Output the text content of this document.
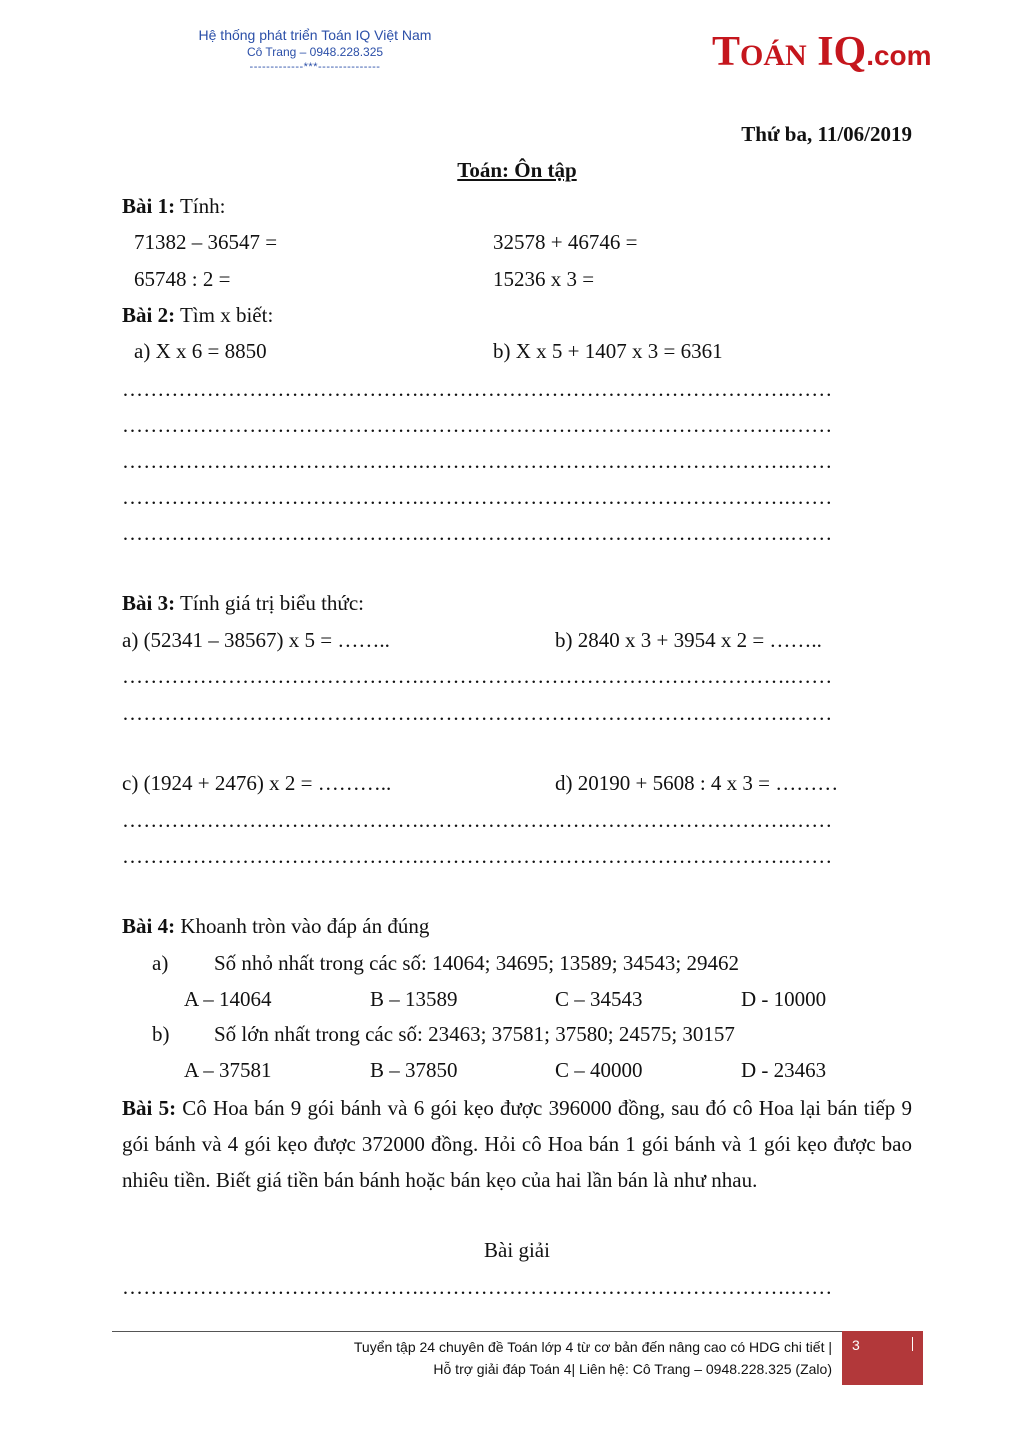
Hệ thống phát triển Toán IQ Việt Nam
Cô Trang – 0948.228.325
-------------***---------------	TOÁN IQ.com
Thứ ba, 11/06/2019
Toán: Ôn tập
Bài 1: Tính:
71382 – 36547 =	32578 + 46746 =
65748 : 2 =	15236 x 3 =
Bài 2: Tìm x biết:
a) X x 6 = 8850	b) X x 5 + 1407 x 3 = 6361
…………………………………….…………………………………………….……
…………………………………….…………………………………………….……
…………………………………….…………………………………………….……
…………………………………….…………………………………………….……
…………………………………….…………………………………………….……
Bài 3: Tính giá trị biểu thức:
a) (52341 – 38567) x 5 = ……..	b) 2840 x 3 + 3954 x 2 = ……..
…………………………………….…………………………………………….……
…………………………………….…………………………………………….……
c) (1924 + 2476) x 2 = ………..	d) 20190 + 5608 : 4 x 3 = ………
…………………………………….…………………………………………….……
…………………………………….…………………………………………….……
Bài 4: Khoanh tròn vào đáp án đúng
a) Số nhỏ nhất trong các số: 14064; 34695; 13589; 34543; 29462
A – 14064	B – 13589	C – 34543	D - 10000
b) Số lớn nhất trong các số: 23463; 37581; 37580; 24575; 30157
A – 37581	B – 37850	C – 40000	D - 23463
Bài 5: Cô Hoa bán 9 gói bánh và 6 gói kẹo được 396000 đồng, sau đó cô Hoa lại bán tiếp 9 gói bánh và 4 gói kẹo được 372000 đồng. Hỏi cô Hoa bán 1 gói bánh và 1 gói kẹo được bao nhiêu tiền. Biết giá tiền bán bánh hoặc bán kẹo của hai lần bán là như nhau.
Bài giải
…………………………………….…………………………………………….……
Tuyển tập 24 chuyên đề Toán lớp 4 từ cơ bản đến nâng cao có HDG chi tiết |
Hỗ trợ giải đáp Toán 4| Liên hệ: Cô Trang – 0948.228.325 (Zalo)
3
